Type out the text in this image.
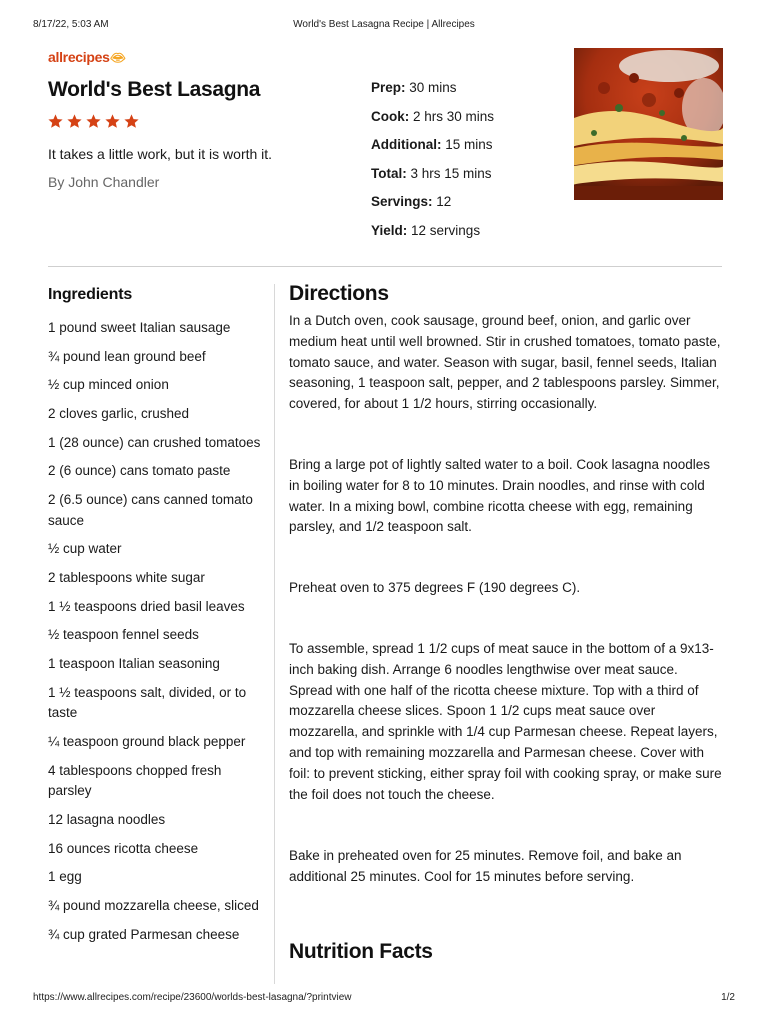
8/17/22, 5:03 AM	World's Best Lasagna Recipe | Allrecipes
allrecipes👄︎
World's Best Lasagna

It takes a little work, but it is worth it.

By John Chandler

Prep: 30 mins
Cook: 2 hrs 30 mins
Additional: 15 mins
Total: 3 hrs 15 mins
Servings: 12
Yield: 12 servings
Ingredients
1 pound sweet Italian sausage
¾ pound lean ground beef
½ cup minced onion
2 cloves garlic, crushed
1 (28 ounce) can crushed tomatoes
2 (6 ounce) cans tomato paste
2 (6.5 ounce) cans canned tomato sauce
½ cup water
2 tablespoons white sugar
1 ½ teaspoons dried basil leaves
½ teaspoon fennel seeds
1 teaspoon Italian seasoning
1 ½ teaspoons salt, divided, or to taste
¼ teaspoon ground black pepper
4 tablespoons chopped fresh parsley
12 lasagna noodles
16 ounces ricotta cheese
1 egg
¾ pound mozzarella cheese, sliced
¾ cup grated Parmesan cheese
Directions

In a Dutch oven, cook sausage, ground beef, onion, and garlic over medium heat until well browned. Stir in crushed tomatoes, tomato paste, tomato sauce, and water. Season with sugar, basil, fennel seeds, Italian seasoning, 1 teaspoon salt, pepper, and 2 tablespoons parsley. Simmer, covered, for about 1 1/2 hours, stirring occasionally.

Bring a large pot of lightly salted water to a boil. Cook lasagna noodles in boiling water for 8 to 10 minutes. Drain noodles, and rinse with cold water. In a mixing bowl, combine ricotta cheese with egg, remaining parsley, and 1/2 teaspoon salt.

Preheat oven to 375 degrees F (190 degrees C).

To assemble, spread 1 1/2 cups of meat sauce in the bottom of a 9x13-inch baking dish. Arrange 6 noodles lengthwise over meat sauce. Spread with one half of the ricotta cheese mixture. Top with a third of mozzarella cheese slices. Spoon 1 1/2 cups meat sauce over mozzarella, and sprinkle with 1/4 cup Parmesan cheese. Repeat layers, and top with remaining mozzarella and Parmesan cheese. Cover with foil: to prevent sticking, either spray foil with cooking spray, or make sure the foil does not touch the cheese.

Bake in preheated oven for 25 minutes. Remove foil, and bake an additional 25 minutes. Cool for 15 minutes before serving.

Nutrition Facts
https://www.allrecipes.com/recipe/23600/worlds-best-lasagna/?printview	1/2
